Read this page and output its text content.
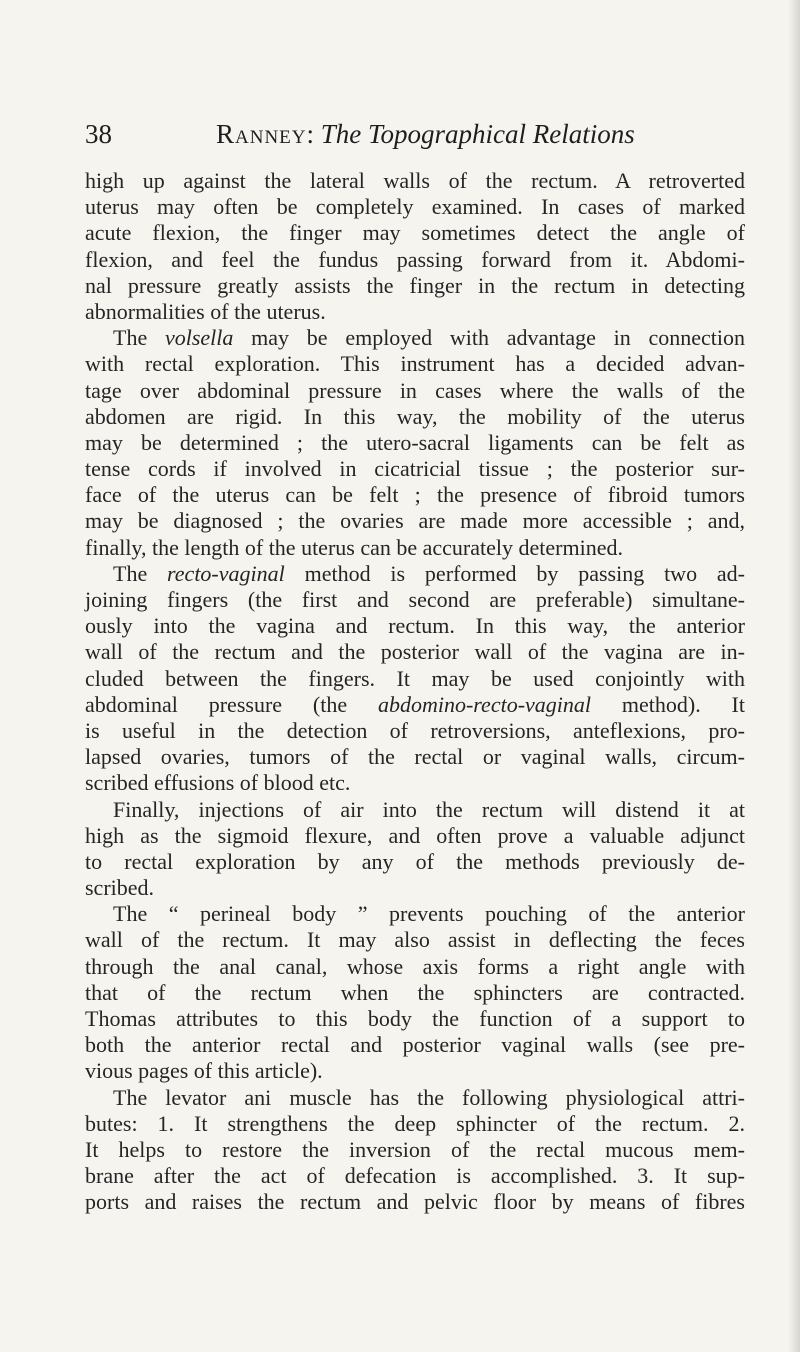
38	Ranney: The Topographical Relations
high up against the lateral walls of the rectum. A retroverted
uterus may often be completely examined. In cases of marked
acute flexion, the finger may sometimes detect the angle of
flexion, and feel the fundus passing forward from it. Abdomi-
nal pressure greatly assists the finger in the rectum in detecting
abnormalities of the uterus.
The volsella may be employed with advantage in connection
with rectal exploration. This instrument has a decided advan-
tage over abdominal pressure in cases where the walls of the
abdomen are rigid. In this way, the mobility of the uterus
may be determined ; the utero-sacral ligaments can be felt as
tense cords if involved in cicatricial tissue ; the posterior sur-
face of the uterus can be felt ; the presence of fibroid tumors
may be diagnosed ; the ovaries are made more accessible ; and,
finally, the length of the uterus can be accurately determined.
The recto-vaginal method is performed by passing two ad-
joining fingers (the first and second are preferable) simultane-
ously into the vagina and rectum. In this way, the anterior
wall of the rectum and the posterior wall of the vagina are in-
cluded between the fingers. It may be used conjointly with
abdominal pressure (the abdomino-recto-vaginal method). It
is useful in the detection of retroversions, anteflexions, pro-
lapsed ovaries, tumors of the rectal or vaginal walls, circum-
scribed effusions of blood etc.
Finally, injections of air into the rectum will distend it at
high as the sigmoid flexure, and often prove a valuable adjunct
to rectal exploration by any of the methods previously de-
scribed.
The “ perineal body ” prevents pouching of the anterior
wall of the rectum. It may also assist in deflecting the feces
through the anal canal, whose axis forms a right angle with
that of the rectum when the sphincters are contracted.
Thomas attributes to this body the function of a support to
both the anterior rectal and posterior vaginal walls (see pre-
vious pages of this article).
The levator ani muscle has the following physiological attri-
butes: 1. It strengthens the deep sphincter of the rectum. 2.
It helps to restore the inversion of the rectal mucous mem-
brane after the act of defecation is accomplished. 3. It sup-
ports and raises the rectum and pelvic floor by means of fibres
